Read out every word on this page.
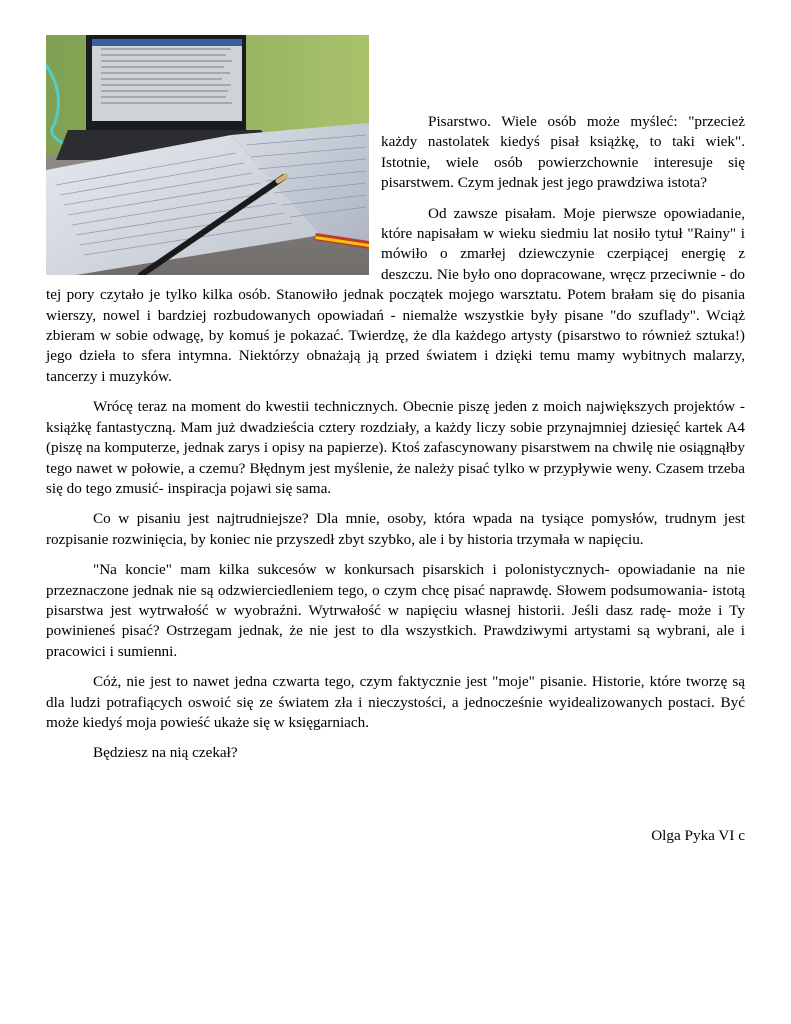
Pisarstwo. Wiele osób może myśleć: "przecież każdy nastolatek kiedyś pisał książkę, to taki wiek". Istotnie, wiele osób powierzchownie interesuje się pisarstwem. Czym jednak jest jego prawdziwa istota?

Od zawsze pisałam. Moje pierwsze opowiadanie, które napisałam w wieku siedmiu lat nosiło tytuł "Rainy" i mówiło o zmarłej dziewczynie czerpiącej energię z deszczu. Nie było ono dopracowane, wręcz przeciwnie - do tej pory czytało je tylko kilka osób. Stanowiło jednak początek mojego warsztatu. Potem brałam się do pisania wierszy, nowel i bardziej rozbudowanych opowiadań - niemalże wszystkie były pisane "do szuflady". Wciąż zbieram w sobie odwagę, by komuś je pokazać. Twierdzę, że dla każdego artysty (pisarstwo to również sztuka!) jego dzieła to sfera intymna. Niektórzy obnażają ją przed światem i dzięki temu mamy wybitnych malarzy, tancerzy i muzyków.

Wrócę teraz na moment do kwestii technicznych. Obecnie piszę jeden z moich największych projektów - książkę fantastyczną. Mam już dwadzieścia cztery rozdziały, a każdy liczy sobie przynajmniej dziesięć kartek A4 (piszę na komputerze, jednak zarys i opisy na papierze). Ktoś zafascynowany pisarstwem na chwilę nie osiągnąłby tego nawet w połowie, a czemu? Błędnym jest myślenie, że należy pisać tylko w przypływie weny. Czasem trzeba się do tego zmusić- inspiracja pojawi się sama.

Co w pisaniu jest najtrudniejsze? Dla mnie, osoby, która wpada na tysiące pomysłów, trudnym jest rozpisanie rozwinięcia, by koniec nie przyszedł zbyt szybko, ale i by historia trzymała w napięciu.

"Na koncie" mam kilka sukcesów w konkursach pisarskich i polonistycznych- opowiadanie na nie przeznaczone jednak nie są odzwierciedleniem tego, o czym chcę pisać naprawdę. Słowem podsumowania- istotą pisarstwa jest wytrwałość w wyobraźni. Wytrwałość w napięciu własnej historii. Jeśli dasz radę- może i Ty powinieneś pisać? Ostrzegam jednak, że nie jest to dla wszystkich. Prawdziwymi artystami są wybrani, ale i pracowici i sumienni.

Cóż, nie jest to nawet jedna czwarta tego, czym faktycznie jest "moje" pisanie. Historie, które tworzę są dla ludzi potrafiących oswoić się ze światem zła i nieczystości, a jednocześnie wyidealizowanych postaci. Być może kiedyś moja powieść ukaże się w księgarniach.

Będziesz na nią czekał?

Olga Pyka VI c
